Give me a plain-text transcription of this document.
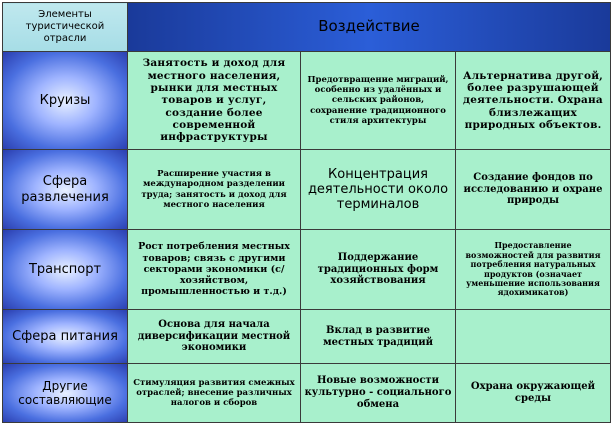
Элементы туристической отрасли	Воздействие		
Круизы	Занятость и доход для местного населения, рынки для местных товаров и услуг, создание более современной инфраструктуры	Предотвращение миграций, особенно из удалённых и сельских районов, сохранение традиционного стиля архитектуры	Альтернатива другой, более разрушающей деятельности. Охрана близлежащих природных объектов.
Сфера развлечения	Расширение участия в международном разделении труда; занятость и доход для местного населения	Концентрация деятельности около терминалов	Создание фондов по исследованию и охране природы
Транспорт	Рост потребления местных товаров; связь с другими секторами экономики (с/хозяйством, промышленностью и т.д.)	Поддержание традиционных форм хозяйствования	Предоставление возможностей для развития потребления натуральных продуктов (означает уменьшение использования ядохимикатов)
Сфера питания	Основа для начала диверсификации местной экономики	Вклад в развитие местных традиций	
Другие составляющие	Стимуляция развития смежных отраслей; внесение различных налогов и сборов	Новые возможности культурно - социального обмена	Охрана окружающей среды
